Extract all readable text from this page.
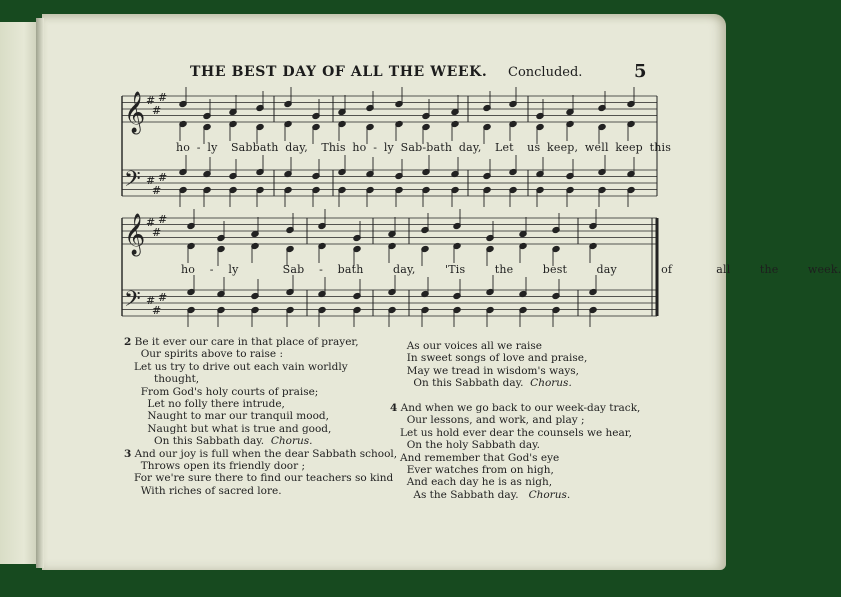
THE BEST DAY OF ALL THE WEEK. Concluded.	5
𝄞
𝄢
#
#
#
#
#
#
𝄞
𝄢
#
#
#
#
#
#
ho - ly  Sabbath day,  This ho - ly Sab-bath day,  Let  us keep, well keep this
ho - ly   Sab - bath  day,  'Tis  the  best  day   of   all  the  week.
2 Be it ever our care in that place of prayer,
Our spirits above to raise :
Let us try to drive out each vain worldly
thought,
From God's holy courts of praise;
Let no folly there intrude,
Naught to mar our tranquil mood,
Naught but what is true and good,
On this Sabbath day.  Chorus.
3 And our joy is full when the dear Sabbath school,
Throws open its friendly door ;
For we're sure there to find our teachers so kind
With riches of sacred lore.
As our voices all we raise
In sweet songs of love and praise,
May we tread in wisdom's ways,
On this Sabbath day.  Chorus.
4 And when we go back to our week-day track,
Our lessons, and work, and play ;
Let us hold ever dear the counsels we hear,
On the holy Sabbath day.
And remember that God's eye
Ever watches from on high,
And each day he is as nigh,
As the Sabbath day.   Chorus.
